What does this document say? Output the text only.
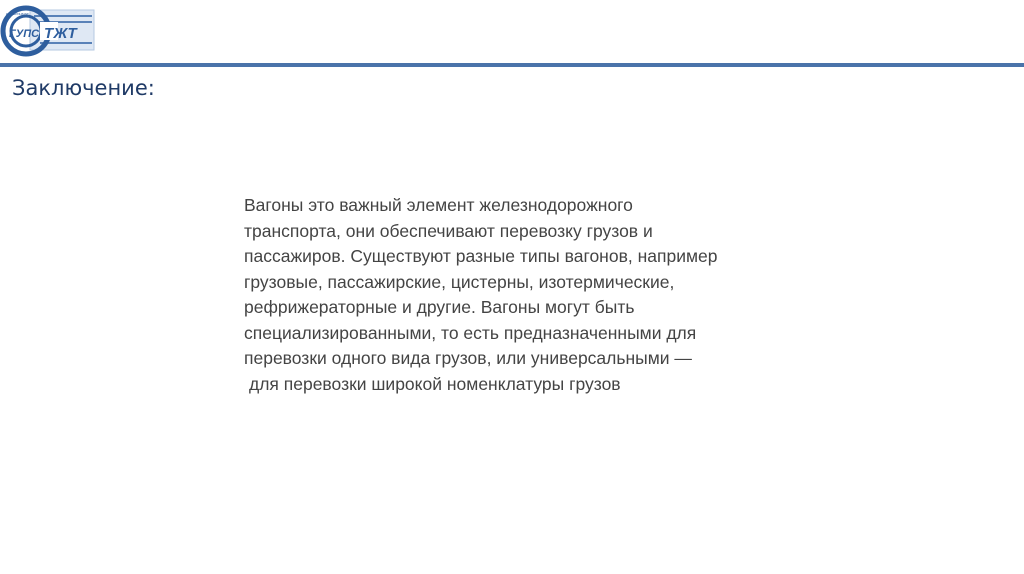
ГУПС ТЖТ
ЕКАТЕРИНБУРГ
Заключение:
Вагоны это важный элемент железнодорожного
транспорта, они обеспечивают перевозку грузов и
пассажиров. Существуют разные типы вагонов, например
грузовые, пассажирские, цистерны, изотермические,
рефрижераторные и другие. Вагоны могут быть
специализированными, то есть предназначенными для
перевозки одного вида грузов, или универсальными —
для перевозки широкой номенклатуры грузов
